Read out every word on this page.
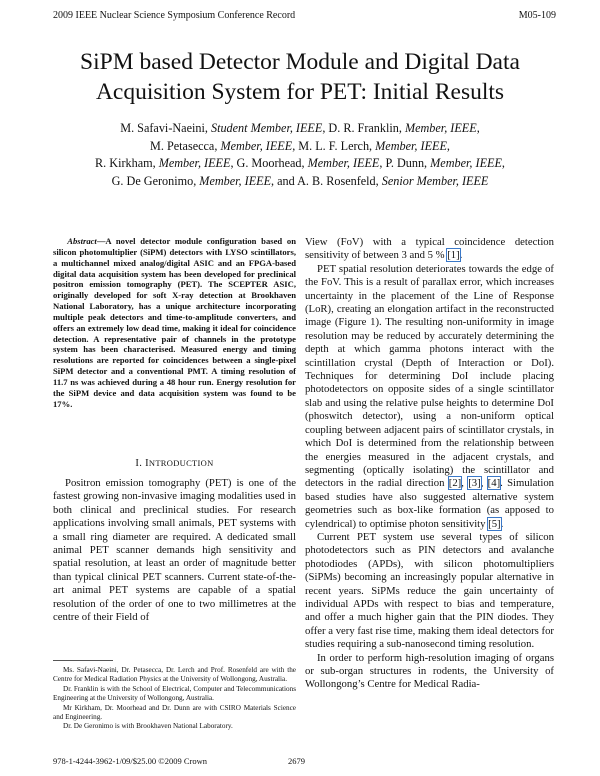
2009 IEEE Nuclear Science Symposium Conference Record	M05-109
SiPM based Detector Module and Digital Data
Acquisition System for PET: Initial Results
M. Safavi-Naeini, Student Member, IEEE, D. R. Franklin, Member, IEEE,
M. Petasecca, Member, IEEE, M. L. F. Lerch, Member, IEEE,
R. Kirkham, Member, IEEE, G. Moorhead, Member, IEEE, P. Dunn, Member, IEEE,
G. De Geronimo, Member, IEEE, and A. B. Rosenfeld, Senior Member, IEEE

Abstract—A novel detector module configuration based on silicon photomultiplier (SiPM) detectors with LYSO scintillators, a multichannel mixed analog/digital ASIC and an FPGA-based digital data acquisition system has been developed for preclinical positron emission tomography (PET). The SCEPTER ASIC, originally developed for soft X-ray detection at Brookhaven National Laboratory, has a unique architecture incorporating multiple peak detectors and time-to-amplitude converters, and offers an extremely low dead time, making it ideal for coincidence detection. A representative pair of channels in the prototype system has been characterised. Measured energy and timing resolutions are reported for coincidences between a single-pixel SiPM detector and a conventional PMT. A timing resolution of 11.7 ns was achieved during a 48 hour run. Energy resolution for the SiPM device and data acquisition system was found to be 17%.

I. INTRODUCTION

Positron emission tomography (PET) is one of the fastest growing non-invasive imaging modalities used in both clinical and preclinical studies. For research applications involving small animals, PET systems with a small ring diameter are required. A dedicated small animal PET scanner demands high sensitivity and spatial resolution, at least an order of magnitude better than typical clinical PET scanners. Current state-of-the-art animal PET systems are capable of a spatial resolution of the order of one to two millimetres at the centre of their Field of

Ms. Safavi-Naeini, Dr. Petasecca, Dr. Lerch and Prof. Rosenfeld are with the Centre for Medical Radiation Physics at the University of Wollongong, Australia.

Dr. Franklin is with the School of Electrical, Computer and Telecommunications Engineering at the University of Wollongong, Australia.

Mr Kirkham, Dr. Moorhead and Dr. Dunn are with CSIRO Materials Science and Engineering.

Dr. De Geronimo is with Brookhaven National Laboratory.

View (FoV) with a typical coincidence detection sensitivity of between 3 and 5 % [1].

PET spatial resolution deteriorates towards the edge of the FoV. This is a result of parallax error, which increases uncertainty in the placement of the Line of Response (LoR), creating an elongation artifact in the reconstructed image (Figure 1). The resulting non-uniformity in image resolution may be reduced by accurately determining the depth at which gamma photons interact with the scintillation crystal (Depth of Interaction or DoI). Techniques for determining DoI include placing photodetectors on opposite sides of a single scintillator slab and using the relative pulse heights to determine DoI (phoswitch detector), using a non-uniform optical coupling between adjacent pairs of scintillator crystals, in which DoI is determined from the relationship between the energies measured in the adjacent crystals, and segmenting (optically isolating) the scintillator and detectors in the radial direction [2], [3], [4]. Simulation based studies have also suggested alternative system geometries such as box-like formation (as apposed to cylendrical) to optimise photon sensitivity [5].

Current PET system use several types of silicon photodetectors such as PIN detectors and avalanche photodiodes (APDs), with silicon photomultipliers (SiPMs) becoming an increasingly popular alternative in recent years. SiPMs reduce the gain uncertainty of individual APDs with respect to bias and temperature, and offer a much higher gain that the PIN diodes. They offer a very fast rise time, making them ideal detectors for studies requiring a sub-nanosecond timing resolution.

In order to perform high-resolution imaging of organs or sub-organ structures in rodents, the University of Wollongong’s Centre for Medical Radia-

978-1-4244-3962-1/09/$25.00 ©2009 Crown	2679
